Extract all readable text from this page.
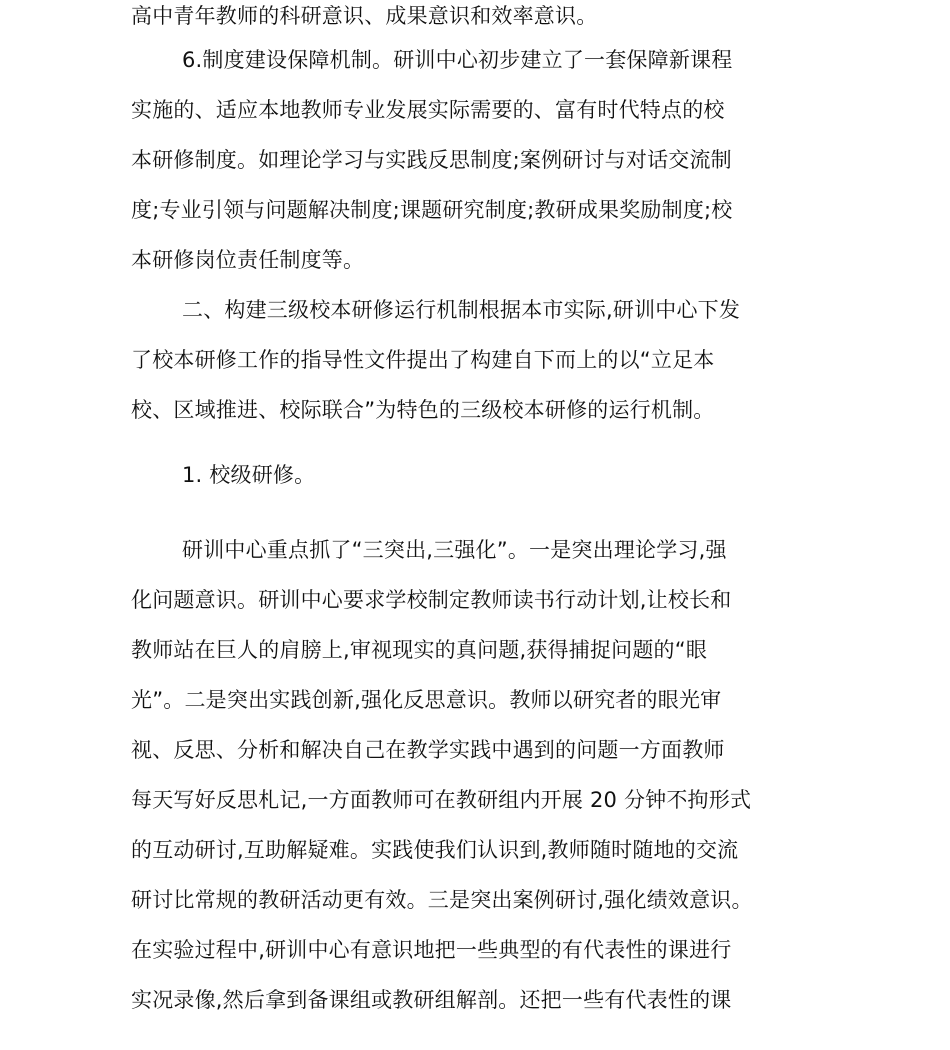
高中青年教师的科研意识、成果意识和效率意识。
6.制度建设保障机制。研训中心初步建立了一套保障新课程
实施的、适应本地教师专业发展实际需要的、富有时代特点的校
本研修制度。如理论学习与实践反思制度;案例研讨与对话交流制
度;专业引领与问题解决制度;课题研究制度;教研成果奖励制度;校
本研修岗位责任制度等。
二、构建三级校本研修运行机制根据本市实际,研训中心下发
了校本研修工作的指导性文件提出了构建自下而上的以“立足本
校、区域推进、校际联合”为特色的三级校本研修的运行机制。
1. 校级研修。
研训中心重点抓了“三突出,三强化”。一是突出理论学习,强
化问题意识。研训中心要求学校制定教师读书行动计划,让校长和
教师站在巨人的肩膀上,审视现实的真问题,获得捕捉问题的“眼
光”。二是突出实践创新,强化反思意识。教师以研究者的眼光审
视、反思、分析和解决自己在教学实践中遇到的问题一方面教师
每天写好反思札记,一方面教师可在教研组内开展 20 分钟不拘形式
的互动研讨,互助解疑难。实践使我们认识到,教师随时随地的交流
研讨比常规的教研活动更有效。三是突出案例研讨,强化绩效意识。
在实验过程中,研训中心有意识地把一些典型的有代表性的课进行
实况录像,然后拿到备课组或教研组解剖。还把一些有代表性的课
